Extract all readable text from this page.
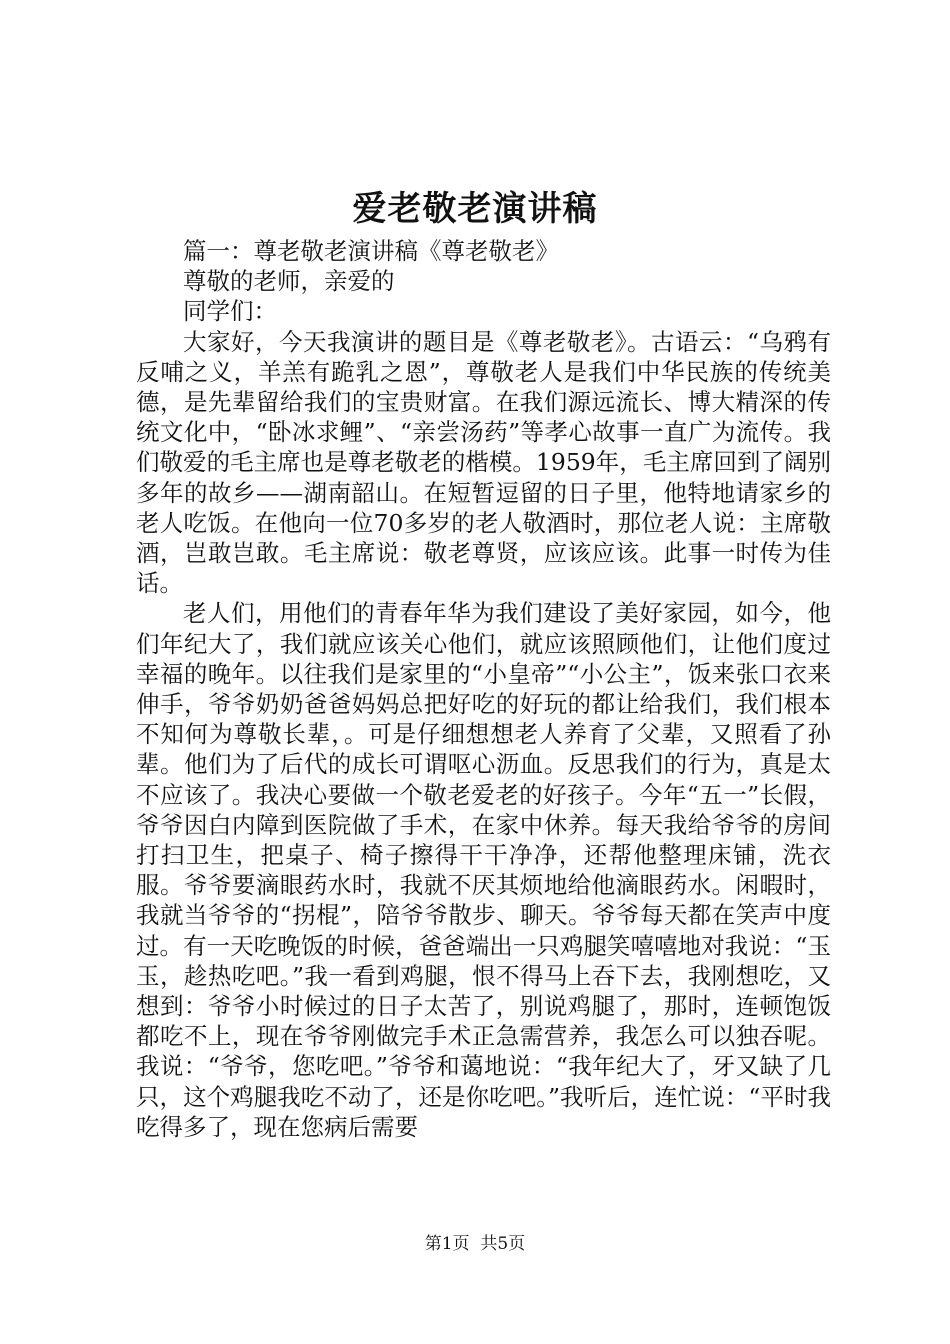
爱老敬老演讲稿

篇一：尊老敬老演讲稿《尊老敬老》

尊敬的老师，亲爱的

同学们：

大家好，今天我演讲的题目是《尊老敬老》。古语云：“乌鸦有反哺之义，羊羔有跪乳之恩”，尊敬老人是我们中华民族的传统美德，是先辈留给我们的宝贵财富。在我们源远流长、博大精深的传统文化中，“卧冰求鲤”、“亲尝汤药”等孝心故事一直广为流传。我们敬爱的毛主席也是尊老敬老的楷模。1959年，毛主席回到了阔别多年的故乡——湖南韶山。在短暂逗留的日子里，他特地请家乡的老人吃饭。在他向一位70多岁的老人敬酒时，那位老人说：主席敬酒，岂敢岂敢。毛主席说：敬老尊贤，应该应该。此事一时传为佳话。

老人们，用他们的青春年华为我们建设了美好家园，如今，他们年纪大了，我们就应该关心他们，就应该照顾他们，让他们度过幸福的晚年。以往我们是家里的“小皇帝”“小公主”，饭来张口衣来伸手，爷爷奶奶爸爸妈妈总把好吃的好玩的都让给我们，我们根本不知何为尊敬长辈，。可是仔细想想老人养育了父辈，又照看了孙辈。他们为了后代的成长可谓呕心沥血。反思我们的行为，真是太不应该了。我决心要做一个敬老爱老的好孩子。今年“五一”长假，爷爷因白内障到医院做了手术，在家中休养。每天我给爷爷的房间打扫卫生，把桌子、椅子擦得干干净净，还帮他整理床铺，洗衣服。爷爷要滴眼药水时，我就不厌其烦地给他滴眼药水。闲暇时，我就当爷爷的“拐棍”，陪爷爷散步、聊天。爷爷每天都在笑声中度过。有一天吃晚饭的时候，爸爸端出一只鸡腿笑嘻嘻地对我说：“玉玉，趁热吃吧。”我一看到鸡腿，恨不得马上吞下去，我刚想吃，又想到：爷爷小时候过的日子太苦了，别说鸡腿了，那时，连顿饱饭都吃不上，现在爷爷刚做完手术正急需营养，我怎么可以独吞呢。我说：“爷爷，您吃吧。”爷爷和蔼地说：“我年纪大了，牙又缺了几只，这个鸡腿我吃不动了，还是你吃吧。”我听后，连忙说：“平时我吃得多了，现在您病后需要

第1页 共5页
